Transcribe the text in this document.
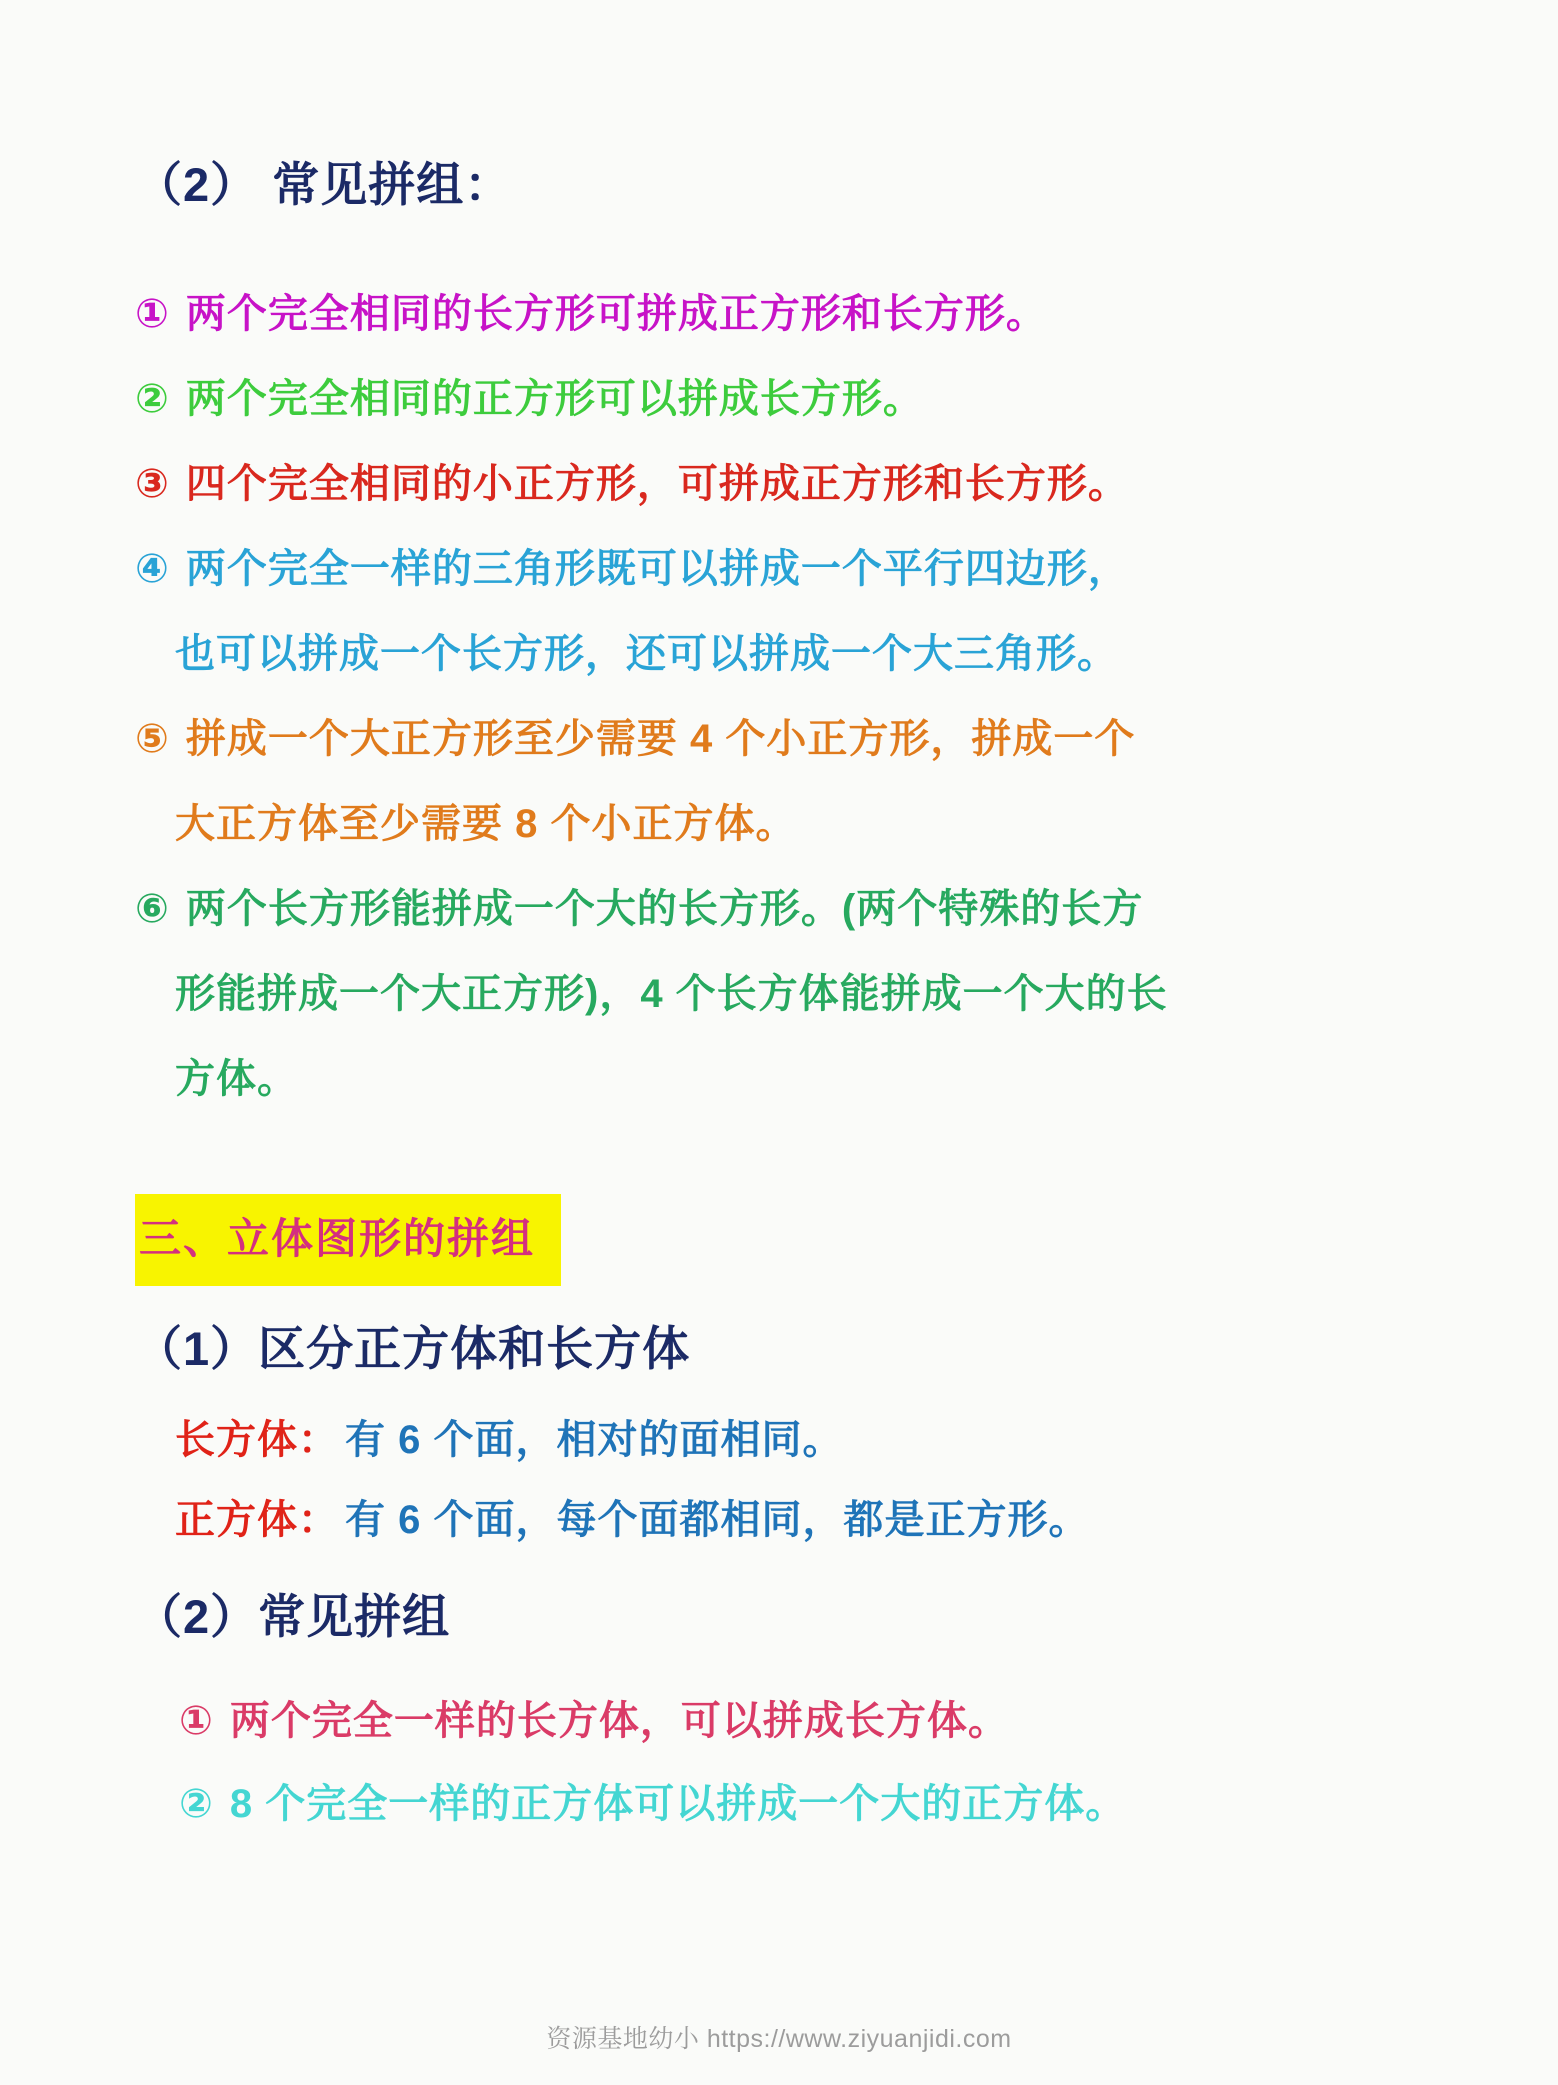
（2） 常见拼组：
① 两个完全相同的长方形可拼成正方形和长方形。
② 两个完全相同的正方形可以拼成长方形。
③ 四个完全相同的小正方形，可拼成正方形和长方形。
④ 两个完全一样的三角形既可以拼成一个平行四边形，
也可以拼成一个长方形，还可以拼成一个大三角形。
⑤ 拼成一个大正方形至少需要 4 个小正方形，拼成一个
大正方体至少需要 8 个小正方体。
⑥ 两个长方形能拼成一个大的长方形。(两个特殊的长方
形能拼成一个大正方形)，4 个长方体能拼成一个大的长
方体。
三、立体图形的拼组
（1）区分正方体和长方体
长方体： 有 6 个面，相对的面相同。
正方体： 有 6 个面，每个面都相同，都是正方形。
（2）常见拼组
① 两个完全一样的长方体，可以拼成长方体。
② 8 个完全一样的正方体可以拼成一个大的正方体。
资源基地幼小 https://www.ziyuanjidi.com
